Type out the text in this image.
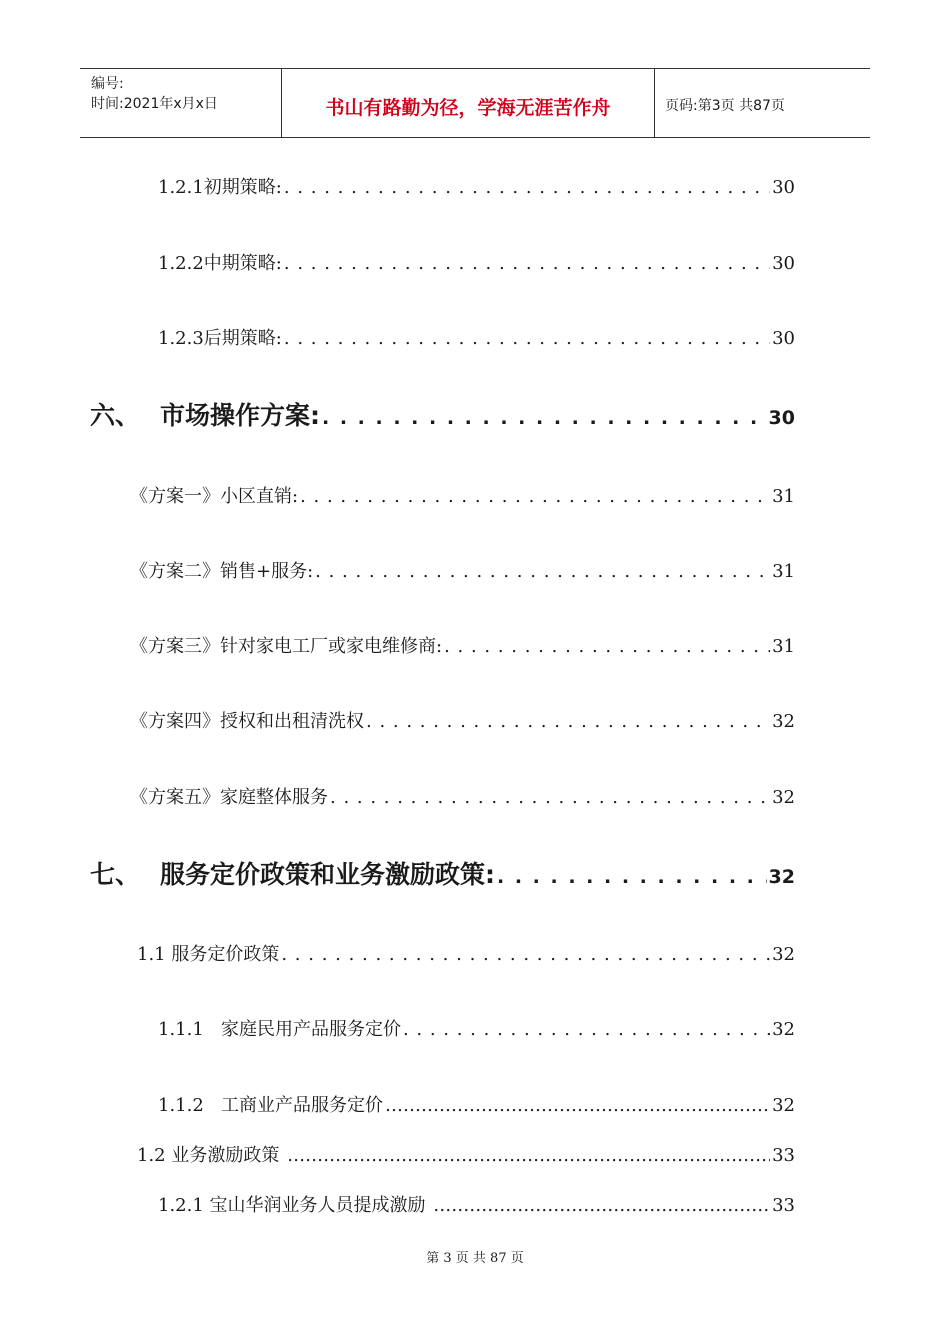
编号:
时间:2021年x月x日	书山有路勤为径，学海无涯苦作舟	页码:第3页 共87页
1.2.1初期策略: . . .	30
1.2.2中期策略: . . .	30
1.2.3后期策略: . . .	30
六、 市场操作方案: . . .	30
《方案一》小区直销: . . .	31
《方案二》销售+服务: . . .	31
《方案三》针对家电工厂或家电维修商: . . .	31
《方案四》授权和出租清洗权 . . .	32
《方案五》家庭整体服务 . . .	32
七、 服务定价政策和业务激励政策: . . .	32
1.1 服务定价政策 . . .	32
1.1.1   家庭民用产品服务定价 . . .	32
1.1.2   工商业产品服务定价 ……………………………………………………………………………………………………………………………	32
1.2 业务激励政策 ……………………………………………………………………………………………………………………………	33
1.2.1 宝山华润业务人员提成激励 ……………………………………………………………………………………………………………………………	33
第 3 页 共 87 页
